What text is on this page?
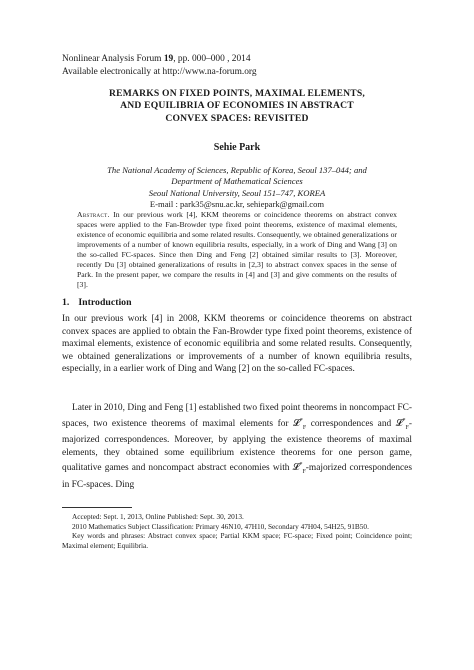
Nonlinear Analysis Forum 19, pp. 000–000 , 2014
Available electronically at http://www.na-forum.org
REMARKS ON FIXED POINTS, MAXIMAL ELEMENTS,
AND EQUILIBRIA OF ECONOMIES IN ABSTRACT
CONVEX SPACES: REVISITED
Sehie Park
The National Academy of Sciences, Republic of Korea, Seoul 137–044; and
Department of Mathematical Sciences
Seoul National University, Seoul 151–747, KOREA
E-mail : park35@snu.ac.kr, sehiepark@gmail.com
Abstract. In our previous work [4], KKM theorems or coincidence theorems on abstract convex spaces were applied to the Fan-Browder type fixed point theorems, existence of maximal elements, existence of economic equilibria and some related results. Consequently, we obtained generalizations or improvements of a number of known equilibria results, especially, in a work of Ding and Wang [3] on the so-called FC-spaces. Since then Ding and Feng [2] obtained similar results to [3]. Moreover, recently Du [3] obtained generalizations of results in [2,3] to abstract convex spaces in the sense of Park. In the present paper, we compare the results in [4] and [3] and give comments on the results of [3].
1. Introduction
In our previous work [4] in 2008, KKM theorems or coincidence theorems on abstract convex spaces are applied to obtain the Fan-Browder type fixed point theorems, existence of maximal elements, existence of economic equilibria and some related results. Consequently, we obtained generalizations or improvements of a number of known equilibria results, especially, in a earlier work of Ding and Wang [2] on the so-called FC-spaces.
Later in 2010, Ding and Feng [1] established two fixed point theorems in noncompact FC-spaces, two existence theorems of maximal elements for 𝓛*$_F$ correspondences and 𝓛*$_F$-majorized correspondences. Moreover, by applying the existence theorems of maximal elements, they obtained some equilibrium existence theorems for one person game, qualitative games and noncompact abstract economies with 𝓛*$_F$-majorized correspondences in FC-spaces. Ding
Accepted: Sept. 1, 2013, Online Published: Sept. 30, 2013.
2010 Mathematics Subject Classification: Primary 46N10, 47H10, Secondary 47H04, 54H25, 91B50.
Key words and phrases: Abstract convex space; Partial KKM space; FC-space; Fixed point; Coincidence point; Maximal element; Equilibria.
